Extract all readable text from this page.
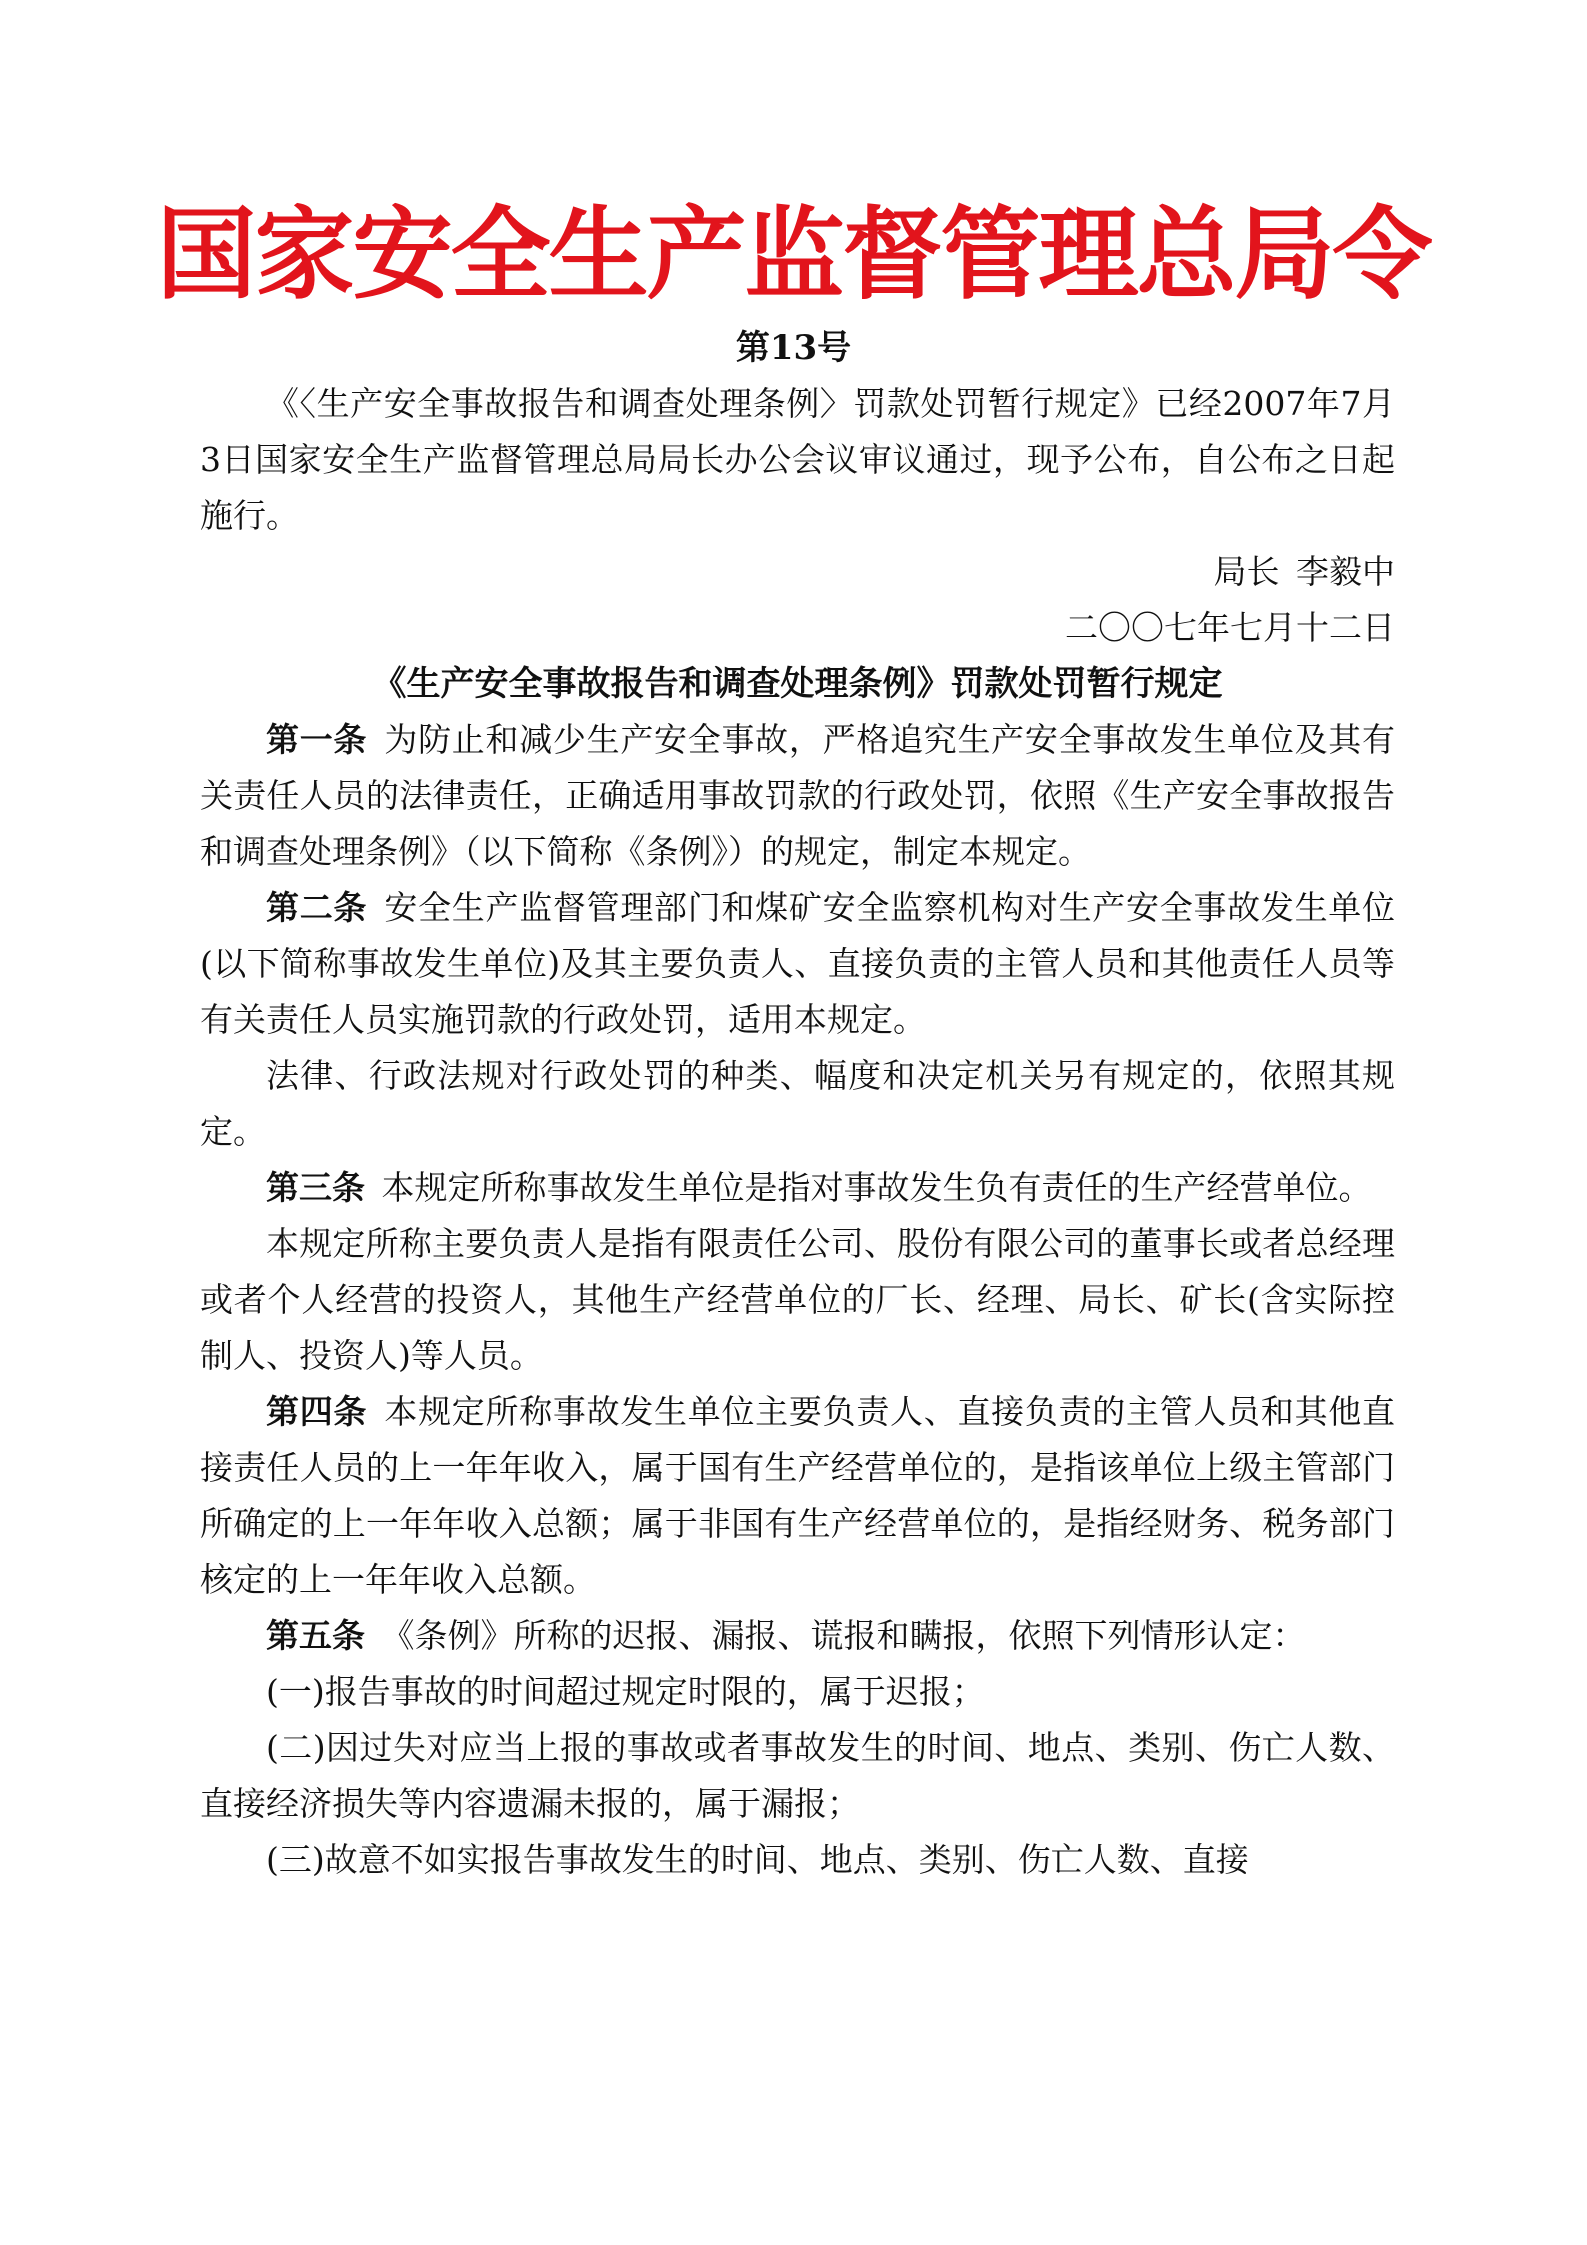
国家安全生产监督管理总局令
第13号

《〈生产安全事故报告和调查处理条例〉罚款处罚暂行规定》已经2007年7月3日国家安全生产监督管理总局局长办公会议审议通过，现予公布，自公布之日起施行。

局长 李毅中

二〇〇七年七月十二日

《生产安全事故报告和调查处理条例》罚款处罚暂行规定

第一条 为防止和减少生产安全事故，严格追究生产安全事故发生单位及其有关责任人员的法律责任，正确适用事故罚款的行政处罚，依照《生产安全事故报告和调查处理条例》（以下简称《条例》）的规定，制定本规定。

第二条 安全生产监督管理部门和煤矿安全监察机构对生产安全事故发生单位(以下简称事故发生单位)及其主要负责人、直接负责的主管人员和其他责任人员等有关责任人员实施罚款的行政处罚，适用本规定。

法律、行政法规对行政处罚的种类、幅度和决定机关另有规定的，依照其规定。

第三条 本规定所称事故发生单位是指对事故发生负有责任的生产经营单位。

本规定所称主要负责人是指有限责任公司、股份有限公司的董事长或者总经理或者个人经营的投资人，其他生产经营单位的厂长、经理、局长、矿长(含实际控制人、投资人)等人员。

第四条 本规定所称事故发生单位主要负责人、直接负责的主管人员和其他直接责任人员的上一年年收入，属于国有生产经营单位的，是指该单位上级主管部门所确定的上一年年收入总额；属于非国有生产经营单位的，是指经财务、税务部门核定的上一年年收入总额。

第五条 《条例》所称的迟报、漏报、谎报和瞒报，依照下列情形认定：

(一)报告事故的时间超过规定时限的，属于迟报；

(二)因过失对应当上报的事故或者事故发生的时间、地点、类别、伤亡人数、直接经济损失等内容遗漏未报的，属于漏报；

(三)故意不如实报告事故发生的时间、地点、类别、伤亡人数、直接
